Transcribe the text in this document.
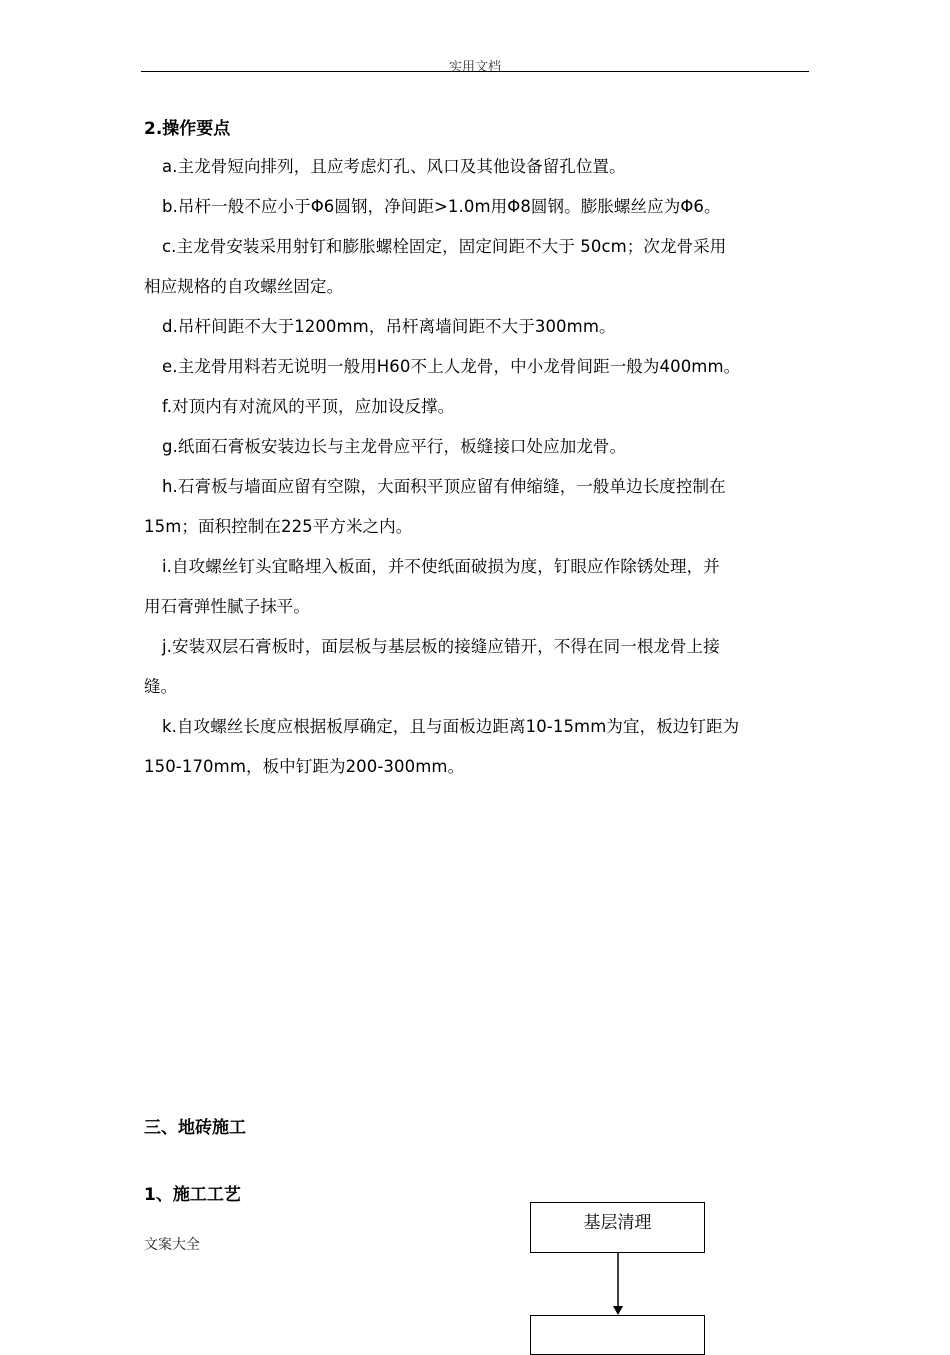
实用文档
2.操作要点
a.主龙骨短向排列，且应考虑灯孔、风口及其他设备留孔位置。
b.吊杆一般不应小于Φ6圆钢，净间距>1.0m用Φ8圆钢。膨胀螺丝应为Φ6。
c.主龙骨安装采用射钉和膨胀螺栓固定，固定间距不大于 50cm；次龙骨采用
相应规格的自攻螺丝固定。
d.吊杆间距不大于1200mm，吊杆离墙间距不大于300mm。
e.主龙骨用料若无说明一般用H60不上人龙骨，中小龙骨间距一般为400mm。
f.对顶内有对流风的平顶，应加设反撑。
g.纸面石膏板安装边长与主龙骨应平行，板缝接口处应加龙骨。
h.石膏板与墙面应留有空隙，大面积平顶应留有伸缩缝，一般单边长度控制在
15m；面积控制在225平方米之内。
i.自攻螺丝钉头宜略埋入板面，并不使纸面破损为度，钉眼应作除锈处理，并
用石膏弹性腻子抹平。
j.安装双层石膏板时，面层板与基层板的接缝应错开，不得在同一根龙骨上接
缝。
k.自攻螺丝长度应根据板厚确定，且与面板边距离10-15mm为宜，板边钉距为
150-170mm，板中钉距为200-300mm。
三、地砖施工
1、施工工艺
基层清理
文案大全
